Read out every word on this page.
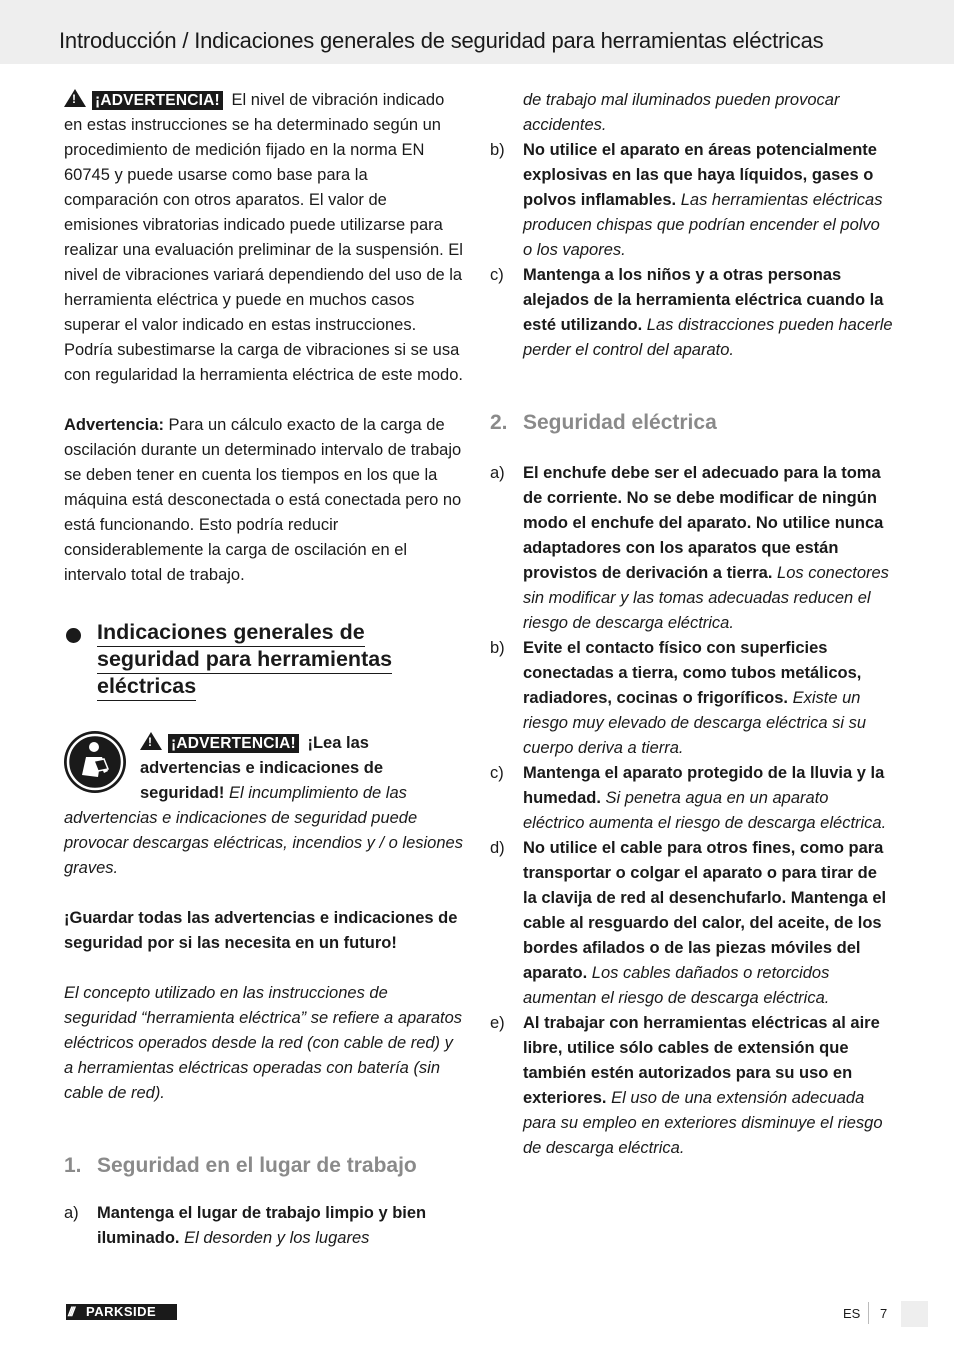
Introducción / Indicaciones generales de seguridad para herramientas eléctricas

!¡ADVERTENCIA! El nivel de vibración indicado en estas instrucciones se ha determinado según un procedimiento de medición fijado en la norma EN 60745 y puede usarse como base para la comparación con otros aparatos. El valor de emisiones vibratorias indicado puede utilizarse para realizar una evaluación preliminar de la suspensión. El nivel de vibraciones variará dependiendo del uso de la herramienta eléctrica y puede en muchos casos superar el valor indicado en estas instrucciones. Podría subestimarse la carga de vibraciones si se usa con regularidad la herramienta eléctrica de este modo.

Advertencia: Para un cálculo exacto de la carga de oscilación durante un determinado intervalo de trabajo se deben tener en cuenta los tiempos en los que la máquina está desconectada o está conectada pero no está funcionando. Esto podría reducir considerablemente la carga de oscilación en el intervalo total de trabajo.

Indicaciones generales de seguridad para herramientas eléctricas

!¡ADVERTENCIA! ¡Lea las advertencias e indicaciones de seguridad! El incumplimiento de las advertencias e indicaciones de seguridad puede provocar descargas eléctricas, incendios y / o lesiones graves.

¡Guardar todas las advertencias e indicaciones de seguridad por si las necesita en un futuro!

El concepto utilizado en las instrucciones de seguridad “herramienta eléctrica” se refiere a aparatos eléctricos operados desde la red (con cable de red) y a herramientas eléctricas operadas con batería (sin cable de red).

1. Seguridad en el lugar de trabajo
a) Mantenga el lugar de trabajo limpio y bien iluminado. El desorden y los lugares

de trabajo mal iluminados pueden provocar accidentes.

b) No utilice el aparato en áreas potencialmente explosivas en las que haya líquidos, gases o polvos inflamables. Las herramientas eléctricas producen chispas que podrían encender el polvo o los vapores.
c) Mantenga a los niños y a otras personas alejados de la herramienta eléctrica cuando la esté utilizando. Las distracciones pueden hacerle perder el control del aparato.
2. Seguridad eléctrica
a) El enchufe debe ser el adecuado para la toma de corriente. No se debe modificar de ningún modo el enchufe del aparato. No utilice nunca adaptadores con los aparatos que están provistos de derivación a tierra. Los conectores sin modificar y las tomas adecuadas reducen el riesgo de descarga eléctrica.
b) Evite el contacto físico con superficies conectadas a tierra, como tubos metálicos, radiadores, cocinas o frigoríficos. Existe un riesgo muy elevado de descarga eléctrica si su cuerpo deriva a tierra.
c) Mantenga el aparato protegido de la lluvia y la humedad. Si penetra agua en un aparato eléctrico aumenta el riesgo de descarga eléctrica.
d) No utilice el cable para otros fines, como para transportar o colgar el aparato o para tirar de la clavija de red al desenchufarlo. Mantenga el cable al resguardo del calor, del aceite, de los bordes afilados o de las piezas móviles del aparato. Los cables dañados o retorcidos aumentan el riesgo de descarga eléctrica.
e) Al trabajar con herramientas eléctricas al aire libre, utilice sólo cables de extensión que también estén autorizados para su uso en exteriores. El uso de una extensión adecuada para su empleo en exteriores disminuye el riesgo de descarga eléctrica.
/// PARKSIDE	ES 7
